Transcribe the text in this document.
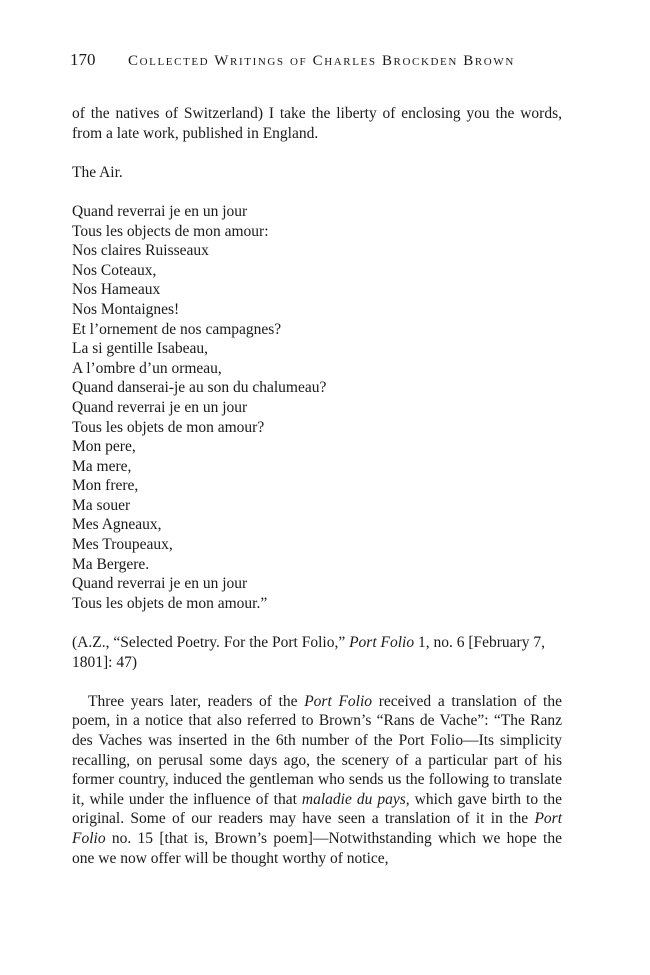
170 Collected Writings of Charles Brockden Brown

of the natives of Switzerland) I take the liberty of enclosing you the words, from a late work, published in England.

The Air.

Quand reverrai je en un jour
Tous les objects de mon amour:
Nos claires Ruisseaux
Nos Coteaux,
Nos Hameaux
Nos Montaignes!
Et l’ornement de nos campagnes?
La si gentille Isabeau,
A l’ombre d’un ormeau,
Quand danserai-je au son du chalumeau?
Quand reverrai je en un jour
Tous les objets de mon amour?
Mon pere,
Ma mere,
Mon frere,
Ma souer
Mes Agneaux,
Mes Troupeaux,
Ma Bergere.
Quand reverrai je en un jour
Tous les objets de mon amour.”

(A.Z., “Selected Poetry. For the Port Folio,” Port Folio 1, no. 6 [February 7, 1801]: 47)

Three years later, readers of the Port Folio received a translation of the poem, in a notice that also referred to Brown’s “Rans de Vache”: “The Ranz des Vaches was inserted in the 6th number of the Port Folio—Its simplicity recalling, on perusal some days ago, the scenery of a particular part of his former country, induced the gentleman who sends us the following to translate it, while under the influence of that maladie du pays, which gave birth to the original. Some of our readers may have seen a translation of it in the Port Folio no. 15 [that is, Brown’s poem]—Notwithstanding which we hope the one we now offer will be thought worthy of notice,
